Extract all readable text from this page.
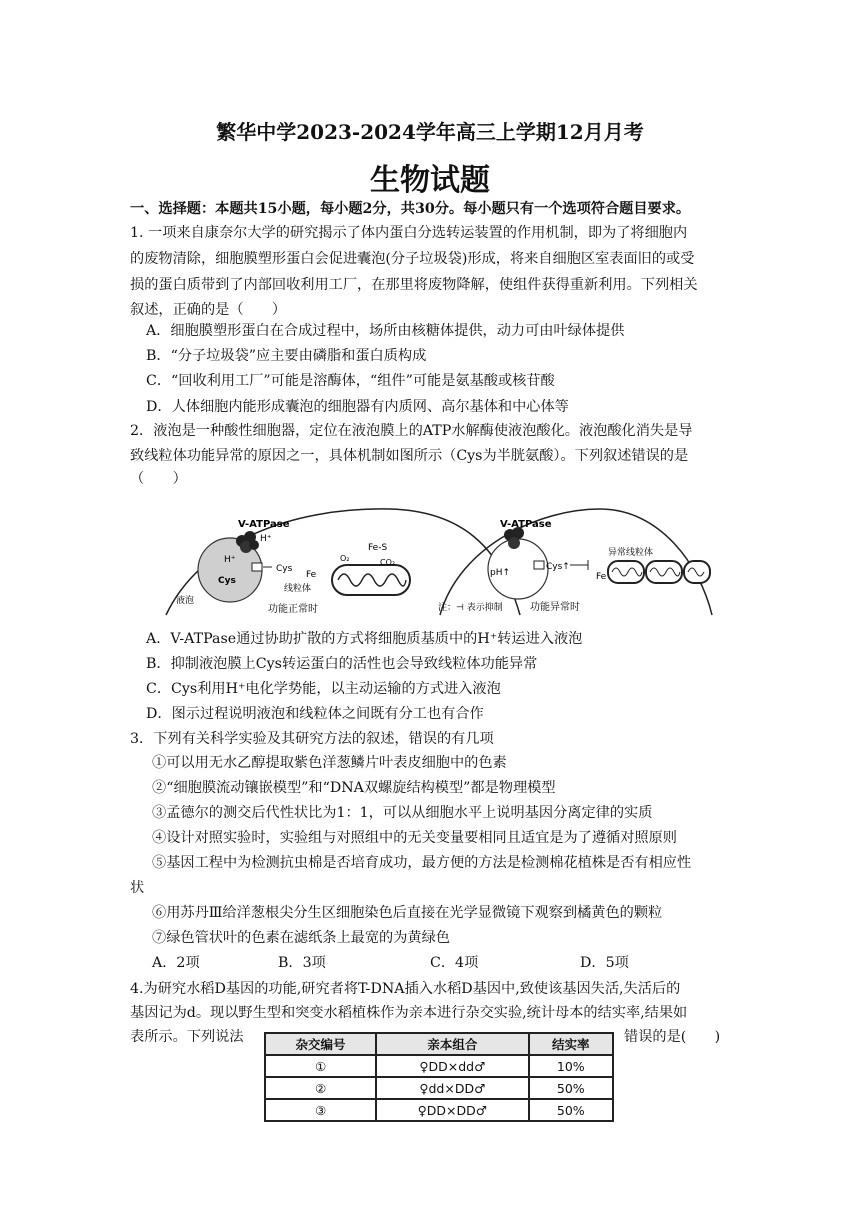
繁华中学2023-2024学年高三上学期12月月考
生物试题
一、选择题：本题共15小题，每小题2分，共30分。每小题只有一个选项符合题目要求。
1. 一项来自康奈尔大学的研究揭示了体内蛋白分选转运装置的作用机制，即为了将细胞内
的废物清除，细胞膜塑形蛋白会促进囊泡(分子垃圾袋)形成，将来自细胞区室表面旧的或受
损的蛋白质带到了内部回收利用工厂，在那里将废物降解，使组件获得重新利用。下列相关
叙述，正确的是（　　）
A．细胞膜塑形蛋白在合成过程中，场所由核糖体提供，动力可由叶绿体提供
B．“分子垃圾袋”应主要由磷脂和蛋白质构成
C．“回收利用工厂”可能是溶酶体，“组件”可能是氨基酸或核苷酸
D．人体细胞内能形成囊泡的细胞器有内质网、高尔基体和中心体等
2．液泡是一种酸性细胞器，定位在液泡膜上的ATP水解酶使液泡酸化。液泡酸化消失是导
致线粒体功能异常的原因之一，具体机制如图所示（Cys为半胱氨酸）。下列叙述错误的是
（　　）
V-ATPase
H⁺
H⁺
Cys
Cys
液泡
Fe
O₂
Fe-S
CO₂
线粒体
功能正常时
V-ATPase
pH↑
Cys↑
Fe
异常线粒体
注：⊣ 表示抑制	功能异常时
A．V-ATPase通过协助扩散的方式将细胞质基质中的H⁺转运进入液泡
B．抑制液泡膜上Cys转运蛋白的活性也会导致线粒体功能异常
C．Cys利用H⁺电化学势能，以主动运输的方式进入液泡
D．图示过程说明液泡和线粒体之间既有分工也有合作
3．下列有关科学实验及其研究方法的叙述，错误的有几项
①可以用无水乙醇提取紫色洋葱鳞片叶表皮细胞中的色素
②“细胞膜流动镶嵌模型”和“DNA双螺旋结构模型”都是物理模型
③孟德尔的测交后代性状比为1：1，可以从细胞水平上说明基因分离定律的实质
④设计对照实验时，实验组与对照组中的无关变量要相同且适宜是为了遵循对照原则
⑤基因工程中为检测抗虫棉是否培育成功，最方便的方法是检测棉花植株是否有相应性
状
⑥用苏丹Ⅲ给洋葱根尖分生区细胞染色后直接在光学显微镜下观察到橘黄色的颗粒
⑦绿色管状叶的色素在滤纸条上最宽的为黄绿色
A．2项	B．3项	C．4项	D．5项
4.为研究水稻D基因的功能,研究者将T-DNA插入水稻D基因中,致使该基因失活,失活后的
基因记为d。现以野生型和突变水稻植株作为亲本进行杂交实验,统计母本的结实率,结果如
表所示。下列说法	错误的是(　　)
杂交编号	亲本组合	结实率
①	♀DD×dd♂	10%
②	♀dd×DD♂	50%
③	♀DD×DD♂	50%
